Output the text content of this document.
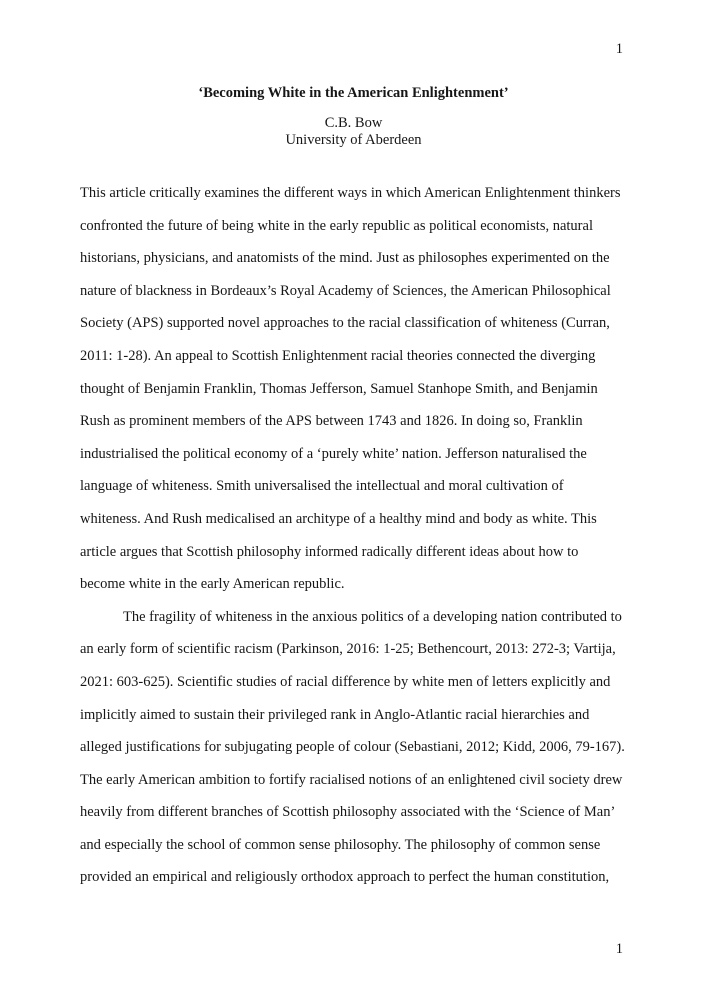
1
‘Becoming White in the American Enlightenment’
C.B. Bow
University of Aberdeen
This article critically examines the different ways in which American Enlightenment thinkers
confronted the future of being white in the early republic as political economists, natural
historians, physicians, and anatomists of the mind. Just as philosophes experimented on the
nature of blackness in Bordeaux’s Royal Academy of Sciences, the American Philosophical
Society (APS) supported novel approaches to the racial classification of whiteness (Curran,
2011: 1-28). An appeal to Scottish Enlightenment racial theories connected the diverging
thought of Benjamin Franklin, Thomas Jefferson, Samuel Stanhope Smith, and Benjamin
Rush as prominent members of the APS between 1743 and 1826. In doing so, Franklin
industrialised the political economy of a ‘purely white’ nation. Jefferson naturalised the
language of whiteness. Smith universalised the intellectual and moral cultivation of
whiteness. And Rush medicalised an architype of a healthy mind and body as white. This
article argues that Scottish philosophy informed radically different ideas about how to
become white in the early American republic.
The fragility of whiteness in the anxious politics of a developing nation contributed to
an early form of scientific racism (Parkinson, 2016: 1-25; Bethencourt, 2013: 272-3; Vartija,
2021: 603-625). Scientific studies of racial difference by white men of letters explicitly and
implicitly aimed to sustain their privileged rank in Anglo-Atlantic racial hierarchies and
alleged justifications for subjugating people of colour (Sebastiani, 2012; Kidd, 2006, 79-167).
The early American ambition to fortify racialised notions of an enlightened civil society drew
heavily from different branches of Scottish philosophy associated with the ‘Science of Man’
and especially the school of common sense philosophy. The philosophy of common sense
provided an empirical and religiously orthodox approach to perfect the human constitution,
1
